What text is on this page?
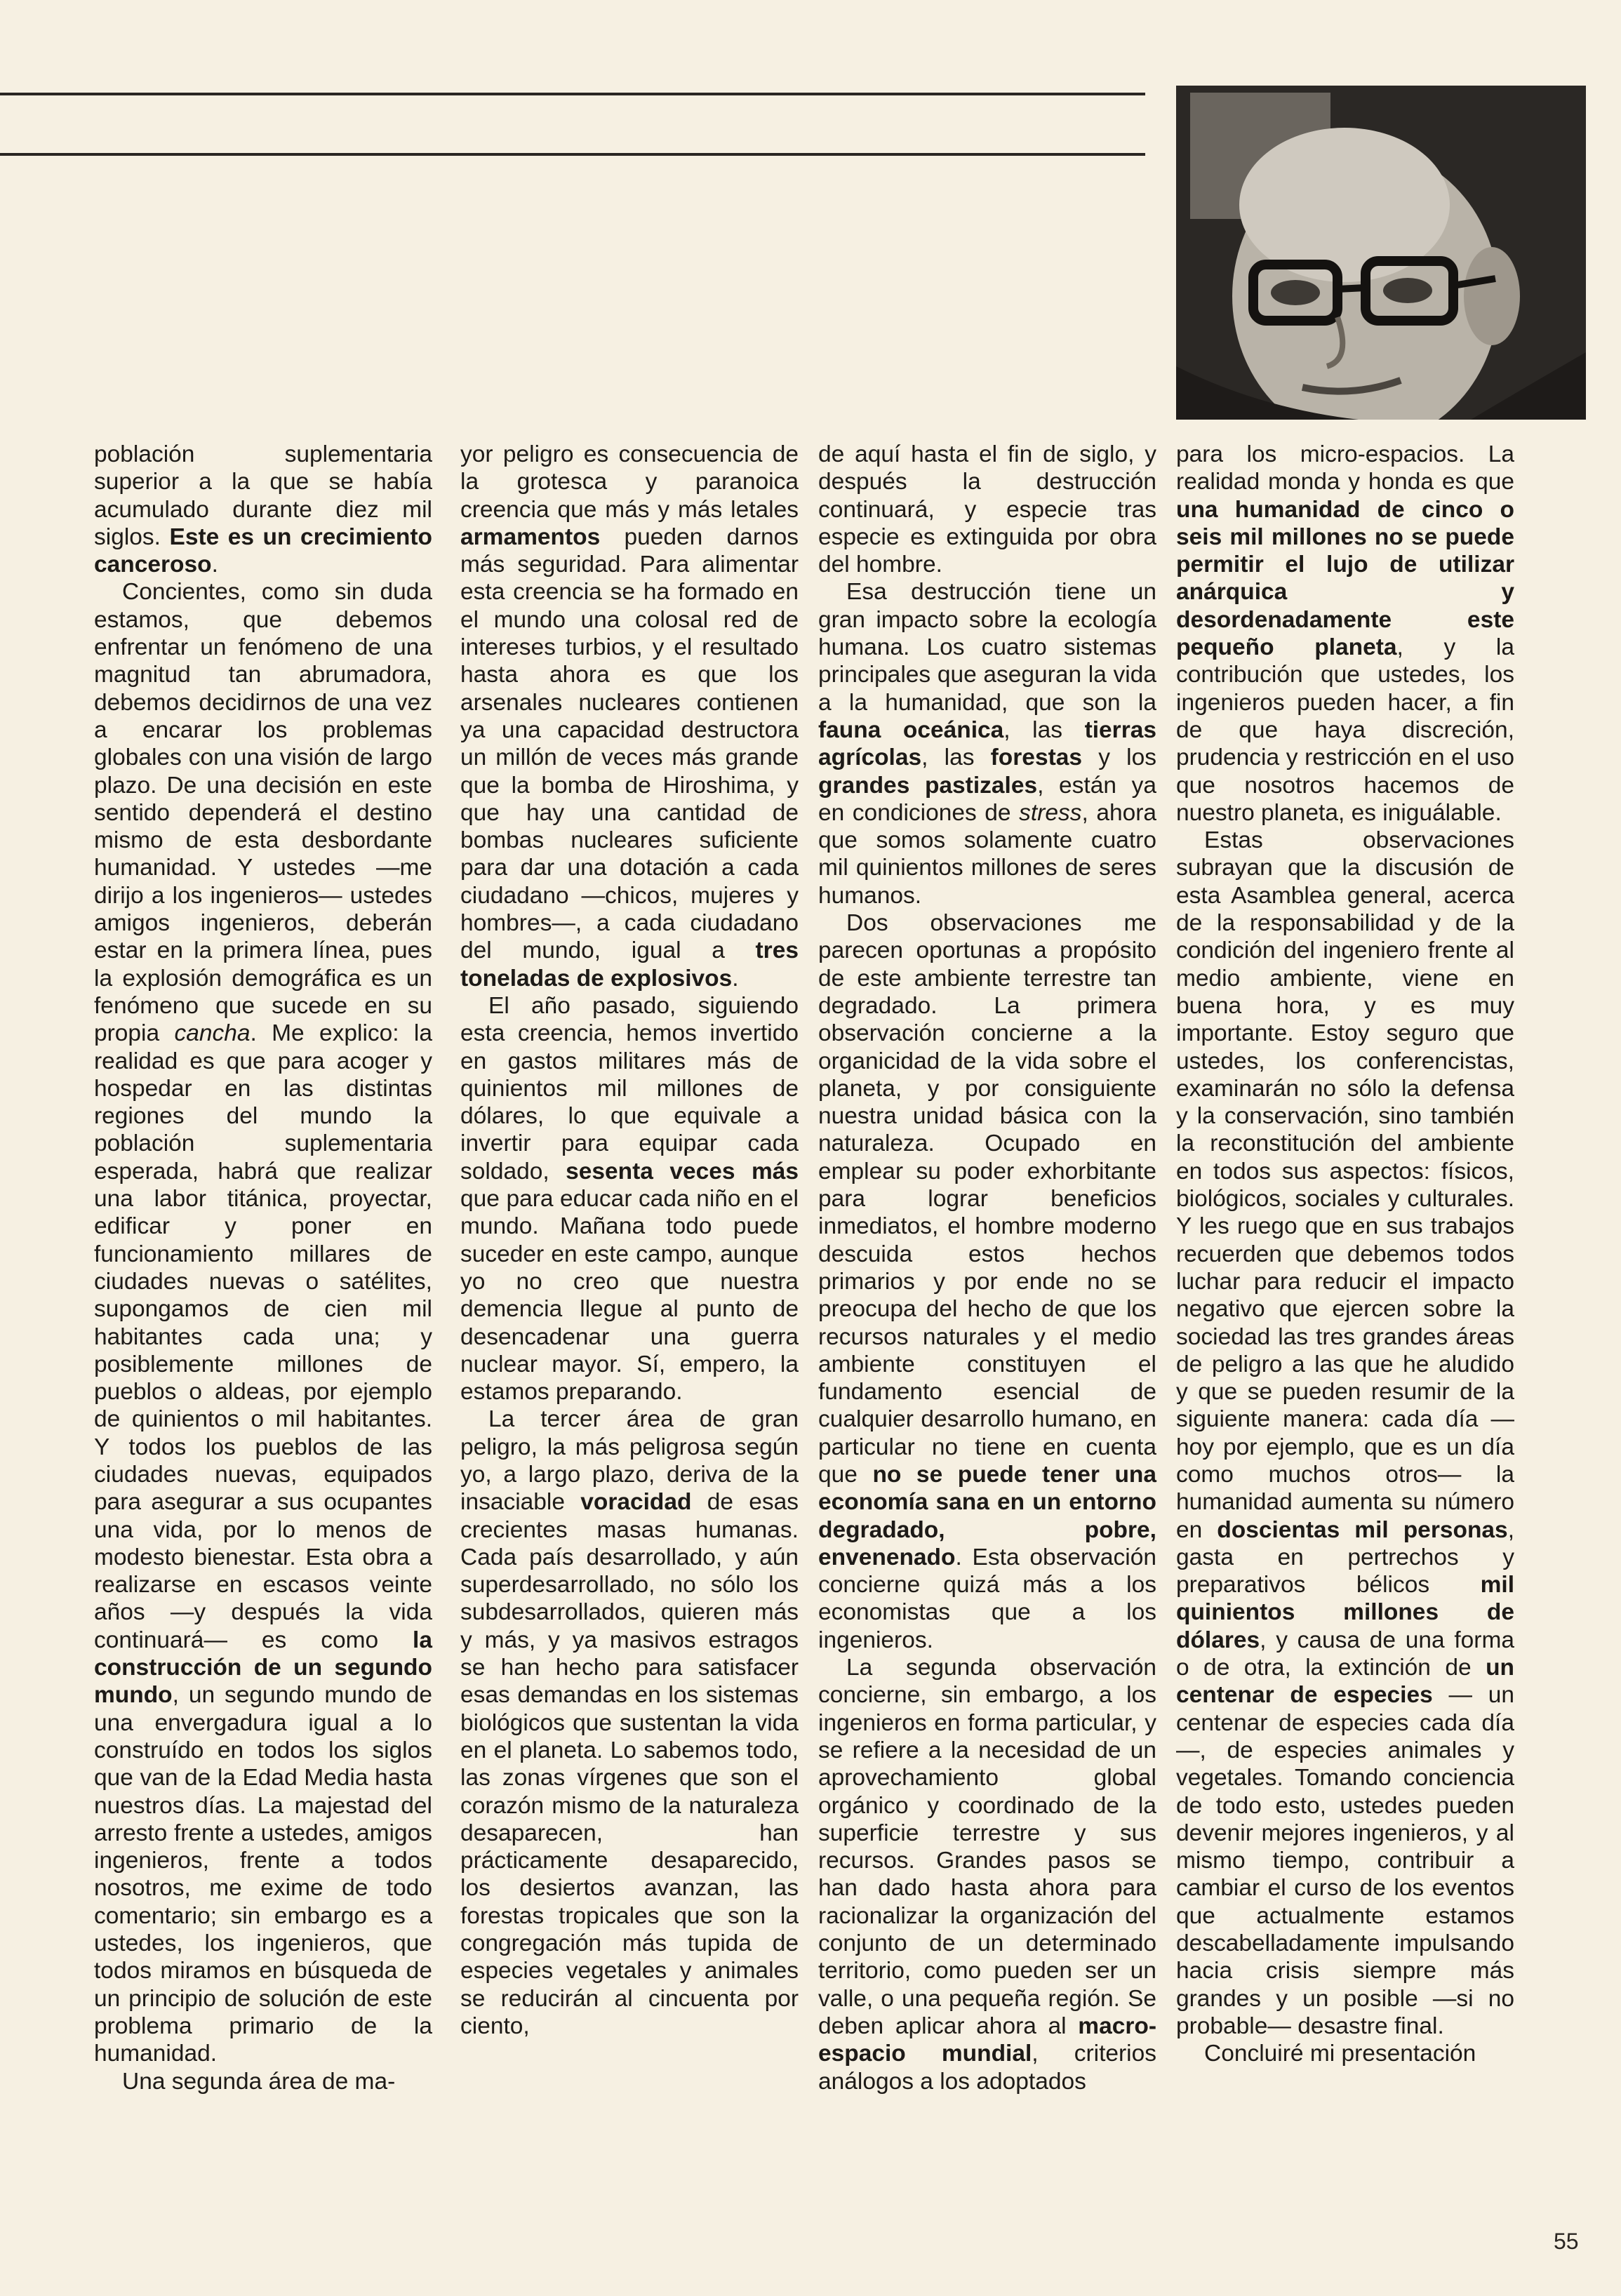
población suplementaria superior a la que se había acumulado durante diez mil siglos. Este es un crecimiento canceroso.

Concientes, como sin duda estamos, que debemos enfrentar un fenómeno de una magnitud tan abrumadora, debemos decidirnos de una vez a encarar los problemas globales con una visión de largo plazo. De una decisión en este sentido dependerá el destino mismo de esta desbordante humanidad. Y ustedes —me dirijo a los ingenieros— ustedes amigos ingenieros, deberán estar en la primera línea, pues la explosión demográfica es un fenómeno que sucede en su propia cancha. Me explico: la realidad es que para acoger y hospedar en las distintas regiones del mundo la población suplementaria esperada, habrá que realizar una labor titánica, proyectar, edificar y poner en funcionamiento millares de ciudades nuevas o satélites, supongamos de cien mil habitantes cada una; y posiblemente millones de pueblos o aldeas, por ejemplo de quinientos o mil habitantes. Y todos los pueblos de las ciudades nuevas, equipados para asegurar a sus ocupantes una vida, por lo menos de modesto bienestar. Esta obra a realizarse en escasos veinte años —y después la vida continuará— es como la construcción de un segundo mundo, un segundo mundo de una envergadura igual a lo construído en todos los siglos que van de la Edad Media hasta nuestros días. La majestad del arresto frente a ustedes, amigos ingenieros, frente a todos nosotros, me exime de todo comentario; sin embargo es a ustedes, los ingenieros, que todos miramos en búsqueda de un principio de solución de este problema primario de la humanidad.

Una segunda área de ma-

yor peligro es consecuencia de la grotesca y paranoica creencia que más y más letales armamentos pueden darnos más seguridad. Para alimentar esta creencia se ha formado en el mundo una colosal red de intereses turbios, y el resultado hasta ahora es que los arsenales nucleares contienen ya una capacidad destructora un millón de veces más grande que la bomba de Hiroshima, y que hay una cantidad de bombas nucleares suficiente para dar una dotación a cada ciudadano —chicos, mujeres y hombres—, a cada ciudadano del mundo, igual a tres toneladas de explosivos.

El año pasado, siguiendo esta creencia, hemos invertido en gastos militares más de quinientos mil millones de dólares, lo que equivale a invertir para equipar cada soldado, sesenta veces más que para educar cada niño en el mundo. Mañana todo puede suceder en este campo, aunque yo no creo que nuestra demencia llegue al punto de desencadenar una guerra nuclear mayor. Sí, empero, la estamos preparando.

La tercer área de gran peligro, la más peligrosa según yo, a largo plazo, deriva de la insaciable voracidad de esas crecientes masas humanas. Cada país desarrollado, y aún superdesarrollado, no sólo los subdesarrollados, quieren más y más, y ya masivos estragos se han hecho para satisfacer esas demandas en los sistemas biológicos que sustentan la vida en el planeta. Lo sabemos todo, las zonas vírgenes que son el corazón mismo de la naturaleza desaparecen, han prácticamente desaparecido, los desiertos avanzan, las forestas tropicales que son la congregación más tupida de especies vegetales y animales se reducirán al cincuenta por ciento,

de aquí hasta el fin de siglo, y después la destrucción continuará, y especie tras especie es extinguida por obra del hombre.

Esa destrucción tiene un gran impacto sobre la ecología humana. Los cuatro sistemas principales que aseguran la vida a la humanidad, que son la fauna oceánica, las tierras agrícolas, las forestas y los grandes pastizales, están ya en condiciones de stress, ahora que somos solamente cuatro mil quinientos millones de seres humanos.

Dos observaciones me parecen oportunas a propósito de este ambiente terrestre tan degradado. La primera observación concierne a la organicidad de la vida sobre el planeta, y por consiguiente nuestra unidad básica con la naturaleza. Ocupado en emplear su poder exhorbitante para lograr beneficios inmediatos, el hombre moderno descuida estos hechos primarios y por ende no se preocupa del hecho de que los recursos naturales y el medio ambiente constituyen el fundamento esencial de cualquier desarrollo humano, en particular no tiene en cuenta que no se puede tener una economía sana en un entorno degradado, pobre, envenenado. Esta observación concierne quizá más a los economistas que a los ingenieros.

La segunda observación concierne, sin embargo, a los ingenieros en forma particular, y se refiere a la necesidad de un aprovechamiento global orgánico y coordinado de la superficie terrestre y sus recursos. Grandes pasos se han dado hasta ahora para racionalizar la organización del conjunto de un determinado territorio, como pueden ser un valle, o una pequeña región. Se deben aplicar ahora al macro-espacio mundial, criterios análogos a los adoptados

para los micro-espacios. La realidad monda y honda es que una humanidad de cinco o seis mil millones no se puede permitir el lujo de utilizar anárquica y desordenadamente este pequeño planeta, y la contribución que ustedes, los ingenieros pueden hacer, a fin de que haya discreción, prudencia y restricción en el uso que nosotros hacemos de nuestro planeta, es iniguálable.

Estas observaciones subrayan que la discusión de esta Asamblea general, acerca de la responsabilidad y de la condición del ingeniero frente al medio ambiente, viene en buena hora, y es muy importante. Estoy seguro que ustedes, los conferencistas, examinarán no sólo la defensa y la conservación, sino también la reconstitución del ambiente en todos sus aspectos: físicos, biológicos, sociales y culturales. Y les ruego que en sus trabajos recuerden que debemos todos luchar para reducir el impacto negativo que ejercen sobre la sociedad las tres grandes áreas de peligro a las que he aludido y que se pueden resumir de la siguiente manera: cada día — hoy por ejemplo, que es un día como muchos otros— la humanidad aumenta su número en doscientas mil personas, gasta en pertrechos y preparativos bélicos mil quinientos millones de dólares, y causa de una forma o de otra, la extinción de un centenar de especies — un centenar de especies cada día—, de especies animales y vegetales. Tomando conciencia de todo esto, ustedes pueden devenir mejores ingenieros, y al mismo tiempo, contribuir a cambiar el curso de los eventos que actualmente estamos descabelladamente impulsando hacia crisis siempre más grandes y un posible —si no probable— desastre final.

Concluiré mi presentación

55
